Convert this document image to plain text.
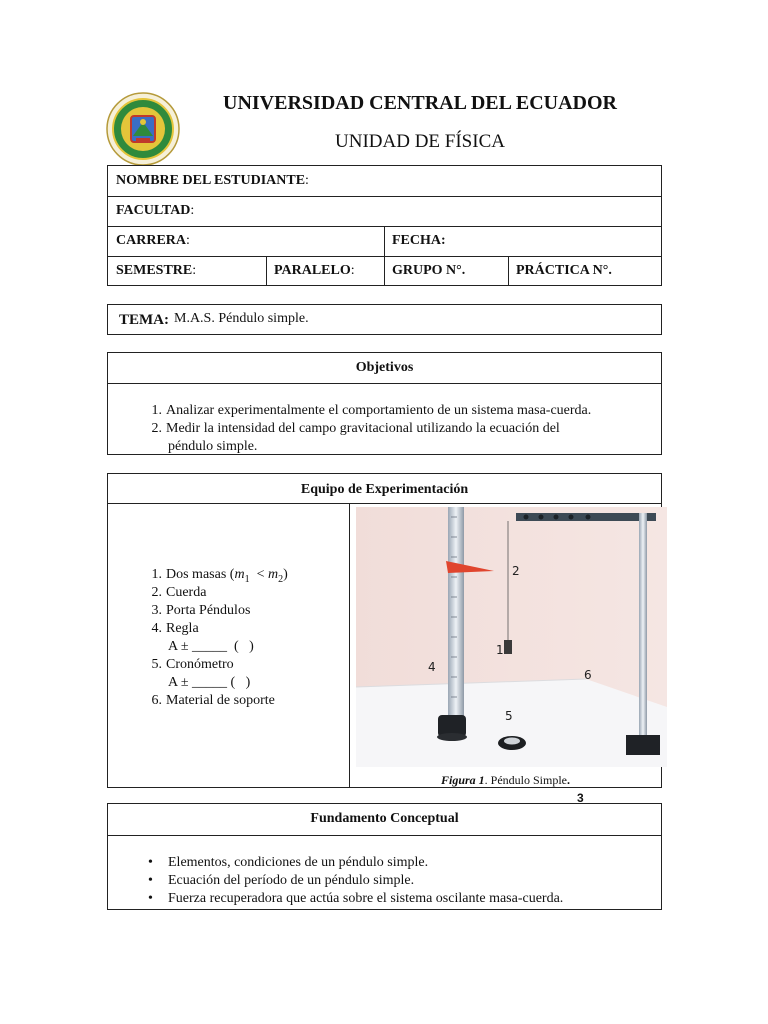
UNIVERSIDAD CENTRAL DEL ECUADOR
UNIDAD DE FÍSICA
NOMBRE DEL ESTUDIANTE :
FACULTAD :
CARRERA :	FECHA:
SEMESTRE :	PARALELO :	GRUPO N°.	PRÁCTICA N°.
TEMA: M.A.S. Péndulo simple.
Objetivos
1. Analizar experimentalmente el comportamiento de un sistema masa-cuerda.
2. Medir la intensidad del campo gravitacional utilizando la ecuación del
péndulo simple.
Equipo de Experimentación
1. Dos masas $(m_1 < m_2)$
2. Cuerda
3. Porta Péndulos
4. Regla
A ± _____  (   )
5. Cronómetro
A ± _____ (   )
6. Material de soporte
2
1
4
5
6
Figura 1. Péndulo Simple.
3
Fundamento Conceptual
• Elementos, condiciones de un péndulo simple.
• Ecuación del período de un péndulo simple.
• Fuerza recuperadora que actúa sobre el sistema oscilante masa-cuerda.
